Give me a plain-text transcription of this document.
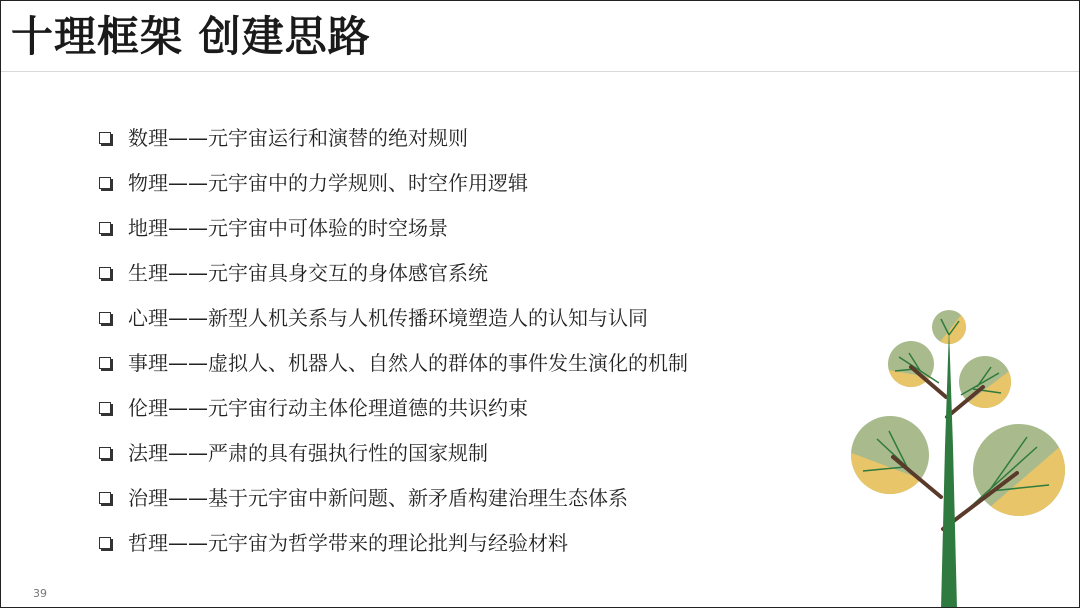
十理框架 创建思路
数理——元宇宙运行和演替的绝对规则
物理——元宇宙中的力学规则、时空作用逻辑
地理——元宇宙中可体验的时空场景
生理——元宇宙具身交互的身体感官系统
心理——新型人机关系与人机传播环境塑造人的认知与认同
事理——虚拟人、机器人、自然人的群体的事件发生演化的机制
伦理——元宇宙行动主体伦理道德的共识约束
法理——严肃的具有强执行性的国家规制
治理——基于元宇宙中新问题、新矛盾构建治理生态体系
哲理——元宇宙为哲学带来的理论批判与经验材料
39
